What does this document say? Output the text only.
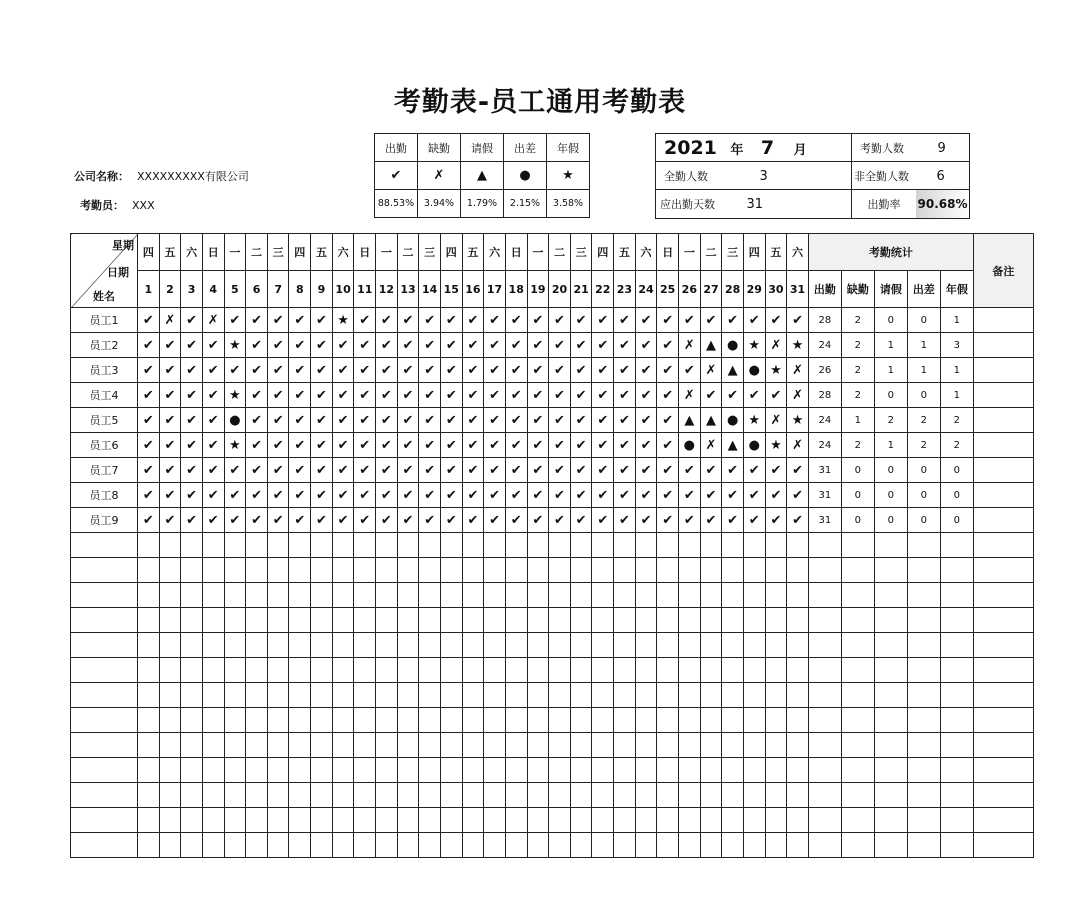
考勤表-员工通用考勤表
公司名称： XXXXXXXXX有限公司
考勤员： XXX
出勤	缺勤	请假	出差	年假
✔	✗	▲	●	★
88.53%	3.94%	1.79%	2.15%	3.58%
2021 年 7 月	考勤人数 9
全勤人数 3	非全勤人数 6
应出勤天数 31	出勤率 90.68%
星期
日期
姓名	四	五	六	日	一	二	三	四	五	六	日	一	二	三	四	五	六	日	一	二	三	四	五	六	日	一	二	三	四	五	六	考勤统计					备注
	1	2	3	4	5	6	7	8	9	10	11	12	13	14	15	16	17	18	19	20	21	22	23	24	25	26	27	28	29	30	31	出勤	缺勤	请假	出差	年假	
员工1	✔	✗	✔	✗	✔	✔	✔	✔	✔	★	✔	✔	✔	✔	✔	✔	✔	✔	✔	✔	✔	✔	✔	✔	✔	✔	✔	✔	✔	✔	✔	28	2	0	0	1	
员工2	✔	✔	✔	✔	★	✔	✔	✔	✔	✔	✔	✔	✔	✔	✔	✔	✔	✔	✔	✔	✔	✔	✔	✔	✔	✗	▲	●	★	✗	★	24	2	1	1	3	
员工3	✔	✔	✔	✔	✔	✔	✔	✔	✔	✔	✔	✔	✔	✔	✔	✔	✔	✔	✔	✔	✔	✔	✔	✔	✔	✔	✗	▲	●	★	✗	26	2	1	1	1	
员工4	✔	✔	✔	✔	★	✔	✔	✔	✔	✔	✔	✔	✔	✔	✔	✔	✔	✔	✔	✔	✔	✔	✔	✔	✔	✗	✔	✔	✔	✔	✗	28	2	0	0	1	
员工5	✔	✔	✔	✔	●	✔	✔	✔	✔	✔	✔	✔	✔	✔	✔	✔	✔	✔	✔	✔	✔	✔	✔	✔	✔	▲	▲	●	★	✗	★	24	1	2	2	2	
员工6	✔	✔	✔	✔	★	✔	✔	✔	✔	✔	✔	✔	✔	✔	✔	✔	✔	✔	✔	✔	✔	✔	✔	✔	✔	●	✗	▲	●	★	✗	24	2	1	2	2	
员工7	✔	✔	✔	✔	✔	✔	✔	✔	✔	✔	✔	✔	✔	✔	✔	✔	✔	✔	✔	✔	✔	✔	✔	✔	✔	✔	✔	✔	✔	✔	✔	31	0	0	0	0	
员工8	✔	✔	✔	✔	✔	✔	✔	✔	✔	✔	✔	✔	✔	✔	✔	✔	✔	✔	✔	✔	✔	✔	✔	✔	✔	✔	✔	✔	✔	✔	✔	31	0	0	0	0	
员工9	✔	✔	✔	✔	✔	✔	✔	✔	✔	✔	✔	✔	✔	✔	✔	✔	✔	✔	✔	✔	✔	✔	✔	✔	✔	✔	✔	✔	✔	✔	✔	31	0	0	0	0	
